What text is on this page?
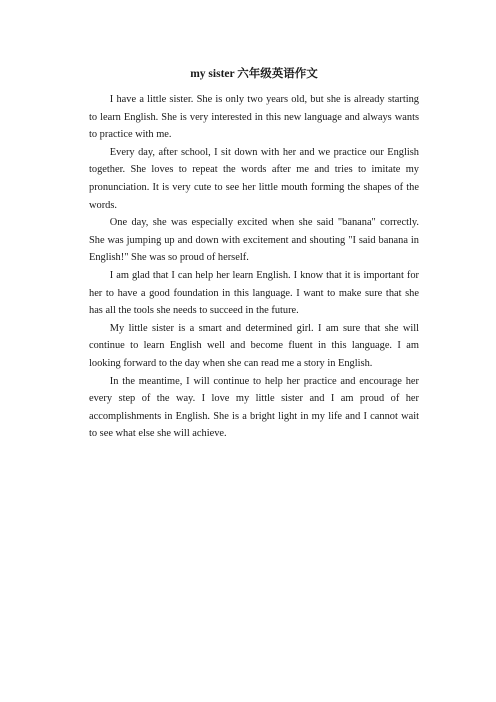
my sister 六年级英语作文

I have a little sister. She is only two years old, but she is already starting to learn English. She is very interested in this new language and always wants to practice with me.

Every day, after school, I sit down with her and we practice our English together. She loves to repeat the words after me and tries to imitate my pronunciation. It is very cute to see her little mouth forming the shapes of the words.

One day, she was especially excited when she said "banana" correctly. She was jumping up and down with excitement and shouting "I said banana in English!" She was so proud of herself.

I am glad that I can help her learn English. I know that it is important for her to have a good foundation in this language. I want to make sure that she has all the tools she needs to succeed in the future.

My little sister is a smart and determined girl. I am sure that she will continue to learn English well and become fluent in this language. I am looking forward to the day when she can read me a story in English.

In the meantime, I will continue to help her practice and encourage her every step of the way. I love my little sister and I am proud of her accomplishments in English. She is a bright light in my life and I cannot wait to see what else she will achieve.
